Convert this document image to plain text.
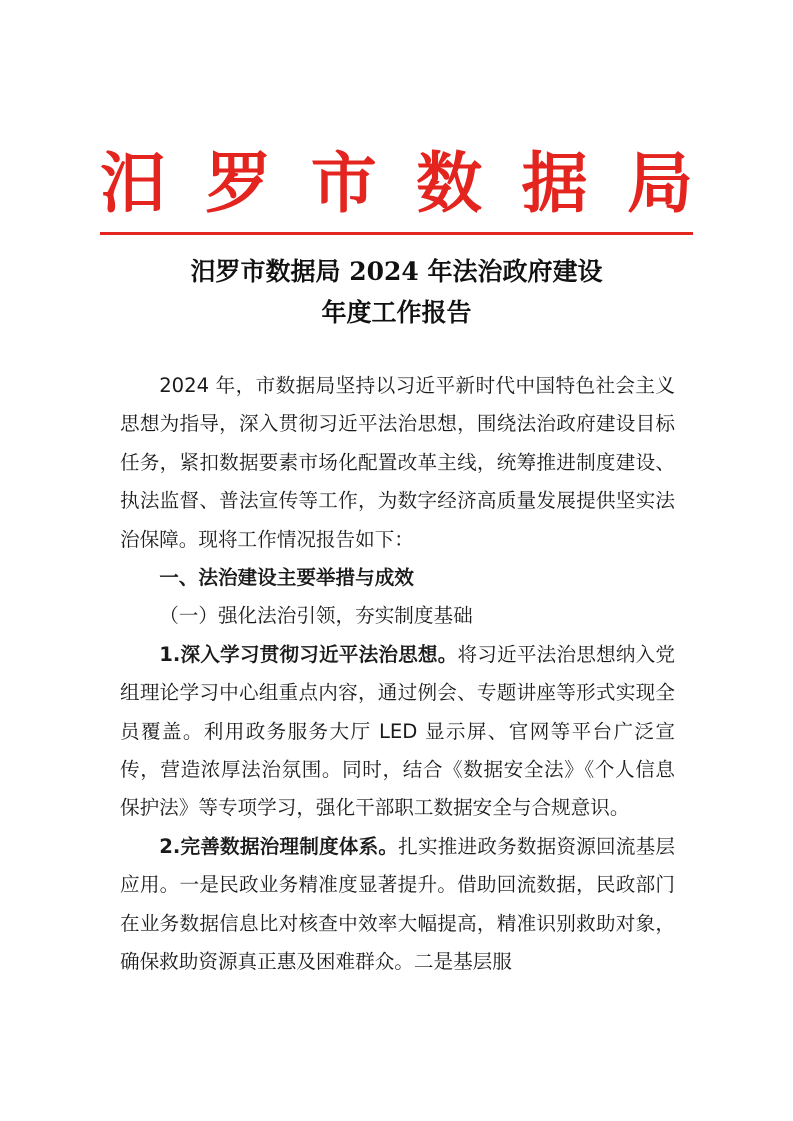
汨 罗 市 数 据 局
汨罗市数据局 2024 年法治政府建设
年度工作报告

2024 年，市数据局坚持以习近平新时代中国特色社会主义思想为指导，深入贯彻习近平法治思想，围绕法治政府建设目标任务，紧扣数据要素市场化配置改革主线，统筹推进制度建设、执法监督、普法宣传等工作，为数字经济高质量发展提供坚实法治保障。现将工作情况报告如下：

一、法治建设主要举措与成效

（一）强化法治引领，夯实制度基础

1.深入学习贯彻习近平法治思想。将习近平法治思想纳入党组理论学习中心组重点内容，通过例会、专题讲座等形式实现全员覆盖。利用政务服务大厅 LED 显示屏、官网等平台广泛宣传，营造浓厚法治氛围。同时，结合《数据安全法》《个人信息保护法》等专项学习，强化干部职工数据安全与合规意识。

2.完善数据治理制度体系。扎实推进政务数据资源回流基层应用。一是民政业务精准度显著提升。借助回流数据，民政部门在业务数据信息比对核查中效率大幅提高，精准识别救助对象，确保救助资源真正惠及困难群众。二是基层服
